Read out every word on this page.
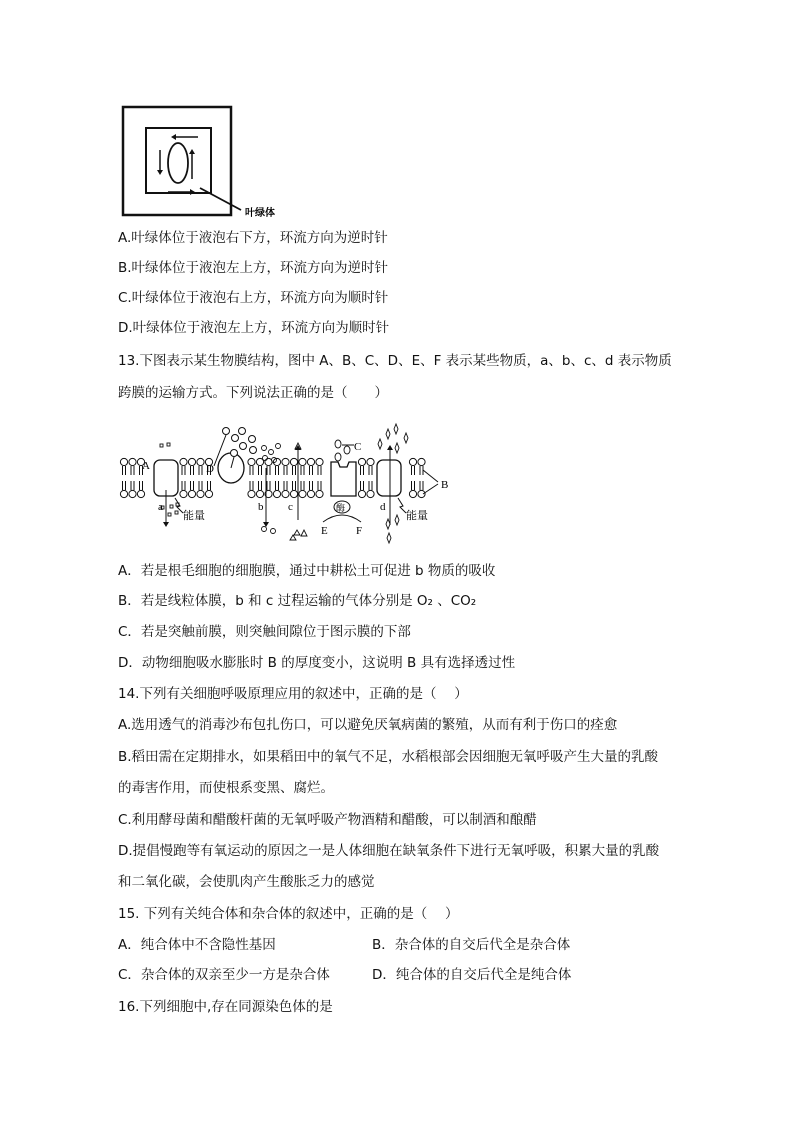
叶绿体
A.叶绿体位于液泡右下方，环流方向为逆时针
B.叶绿体位于液泡左上方，环流方向为逆时针
C.叶绿体位于液泡右上方，环流方向为顺时针
D.叶绿体位于液泡左上方，环流方向为顺时针
13.下图表示某生物膜结构，图中 A、B、C、D、E、F 表示某些物质，a、b、c、d 表示物质
跨膜的运输方式。下列说法正确的是（　　）
D
A
B
C
a	b c	d
能量	能量
酶
E	F
A．若是根毛细胞的细胞膜，通过中耕松土可促进 b 物质的吸收
B．若是线粒体膜，b 和 c 过程运输的气体分别是 O₂ 、CO₂
C．若是突触前膜，则突触间隙位于图示膜的下部
D．动物细胞吸水膨胀时 B 的厚度变小，这说明 B 具有选择透过性
14.下列有关细胞呼吸原理应用的叙述中，正确的是（　 ）
A.选用透气的消毒沙布包扎伤口，可以避免厌氧病菌的繁殖，从而有利于伤口的痊愈
B.稻田需在定期排水，如果稻田中的氧气不足，水稻根部会因细胞无氧呼吸产生大量的乳酸
的毒害作用，而使根系变黑、腐烂。
C.利用酵母菌和醋酸杆菌的无氧呼吸产物酒精和醋酸，可以制酒和酿醋
D.提倡慢跑等有氧运动的原因之一是人体细胞在缺氧条件下进行无氧呼吸，积累大量的乳酸
和二氧化碳，会使肌肉产生酸胀乏力的感觉
15. 下列有关纯合体和杂合体的叙述中，正确的是（　 ）
A．纯合体中不含隐性基因	B．杂合体的自交后代全是杂合体
C．杂合体的双亲至少一方是杂合体	D．纯合体的自交后代全是纯合体
16.下列细胞中,存在同源染色体的是
